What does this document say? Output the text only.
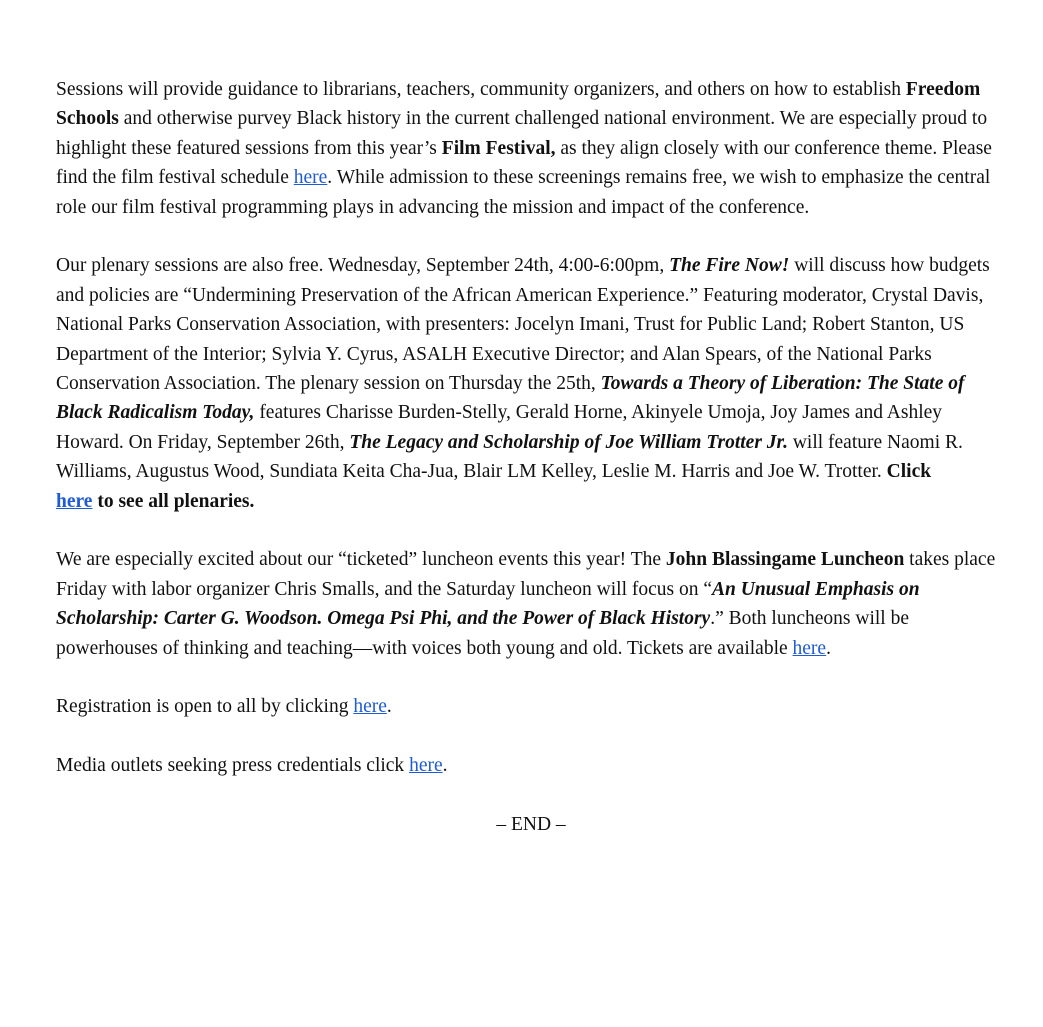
Sessions will provide guidance to librarians, teachers, community organizers, and others on how to establish Freedom Schools and otherwise purvey Black history in the current challenged national environment. We are especially proud to highlight these featured sessions from this year’s Film Festival, as they align closely with our conference theme. Please find the film festival schedule here. While admission to these screenings remains free, we wish to emphasize the central role our film festival programming plays in advancing the mission and impact of the conference.

Our plenary sessions are also free. Wednesday, September 24th, 4:00-6:00pm, The Fire Now! will discuss how budgets and policies are “Undermining Preservation of the African American Experience.” Featuring moderator, Crystal Davis, National Parks Conservation Association, with presenters: Jocelyn Imani, Trust for Public Land; Robert Stanton, US Department of the Interior; Sylvia Y. Cyrus, ASALH Executive Director; and Alan Spears, of the National Parks Conservation Association. The plenary session on Thursday the 25th, Towards a Theory of Liberation: The State of Black Radicalism Today, features Charisse Burden-Stelly, Gerald Horne, Akinyele Umoja, Joy James and Ashley Howard. On Friday, September 26th, The Legacy and Scholarship of Joe William Trotter Jr. will feature Naomi R. Williams, Augustus Wood, Sundiata Keita Cha-Jua, Blair LM Kelley, Leslie M. Harris and Joe W. Trotter. Click
here to see all plenaries.

We are especially excited about our “ticketed” luncheon events this year! The John Blassingame Luncheon takes place Friday with labor organizer Chris Smalls, and the Saturday luncheon will focus on “An Unusual Emphasis on Scholarship: Carter G. Woodson. Omega Psi Phi, and the Power of Black History.” Both luncheons will be powerhouses of thinking and teaching—with voices both young and old. Tickets are available here.

Registration is open to all by clicking here.

Media outlets seeking press credentials click here.

– END –
